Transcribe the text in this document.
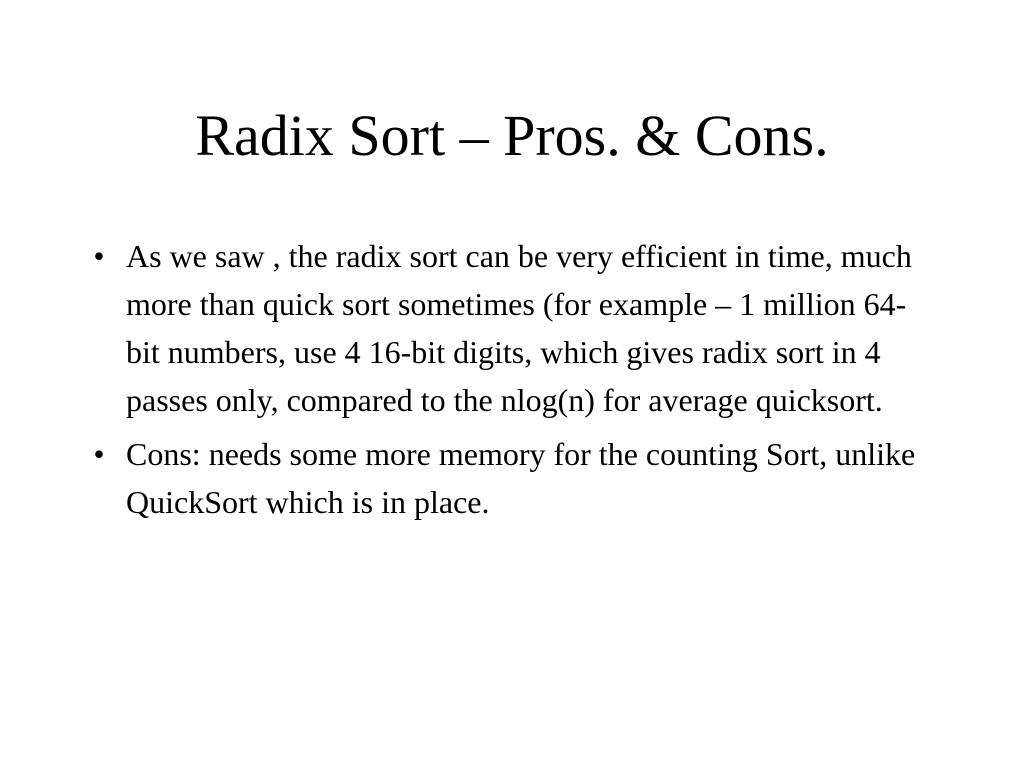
Radix Sort – Pros. & Cons.
• As we saw , the radix sort can be very efficient in time, much more than quick sort sometimes (for example – 1 million 64-bit numbers, use 4 16-bit digits, which gives radix sort in 4 passes only, compared to the nlog(n) for average quicksort.
• Cons: needs some more memory for the counting Sort, unlike QuickSort which is in place.
